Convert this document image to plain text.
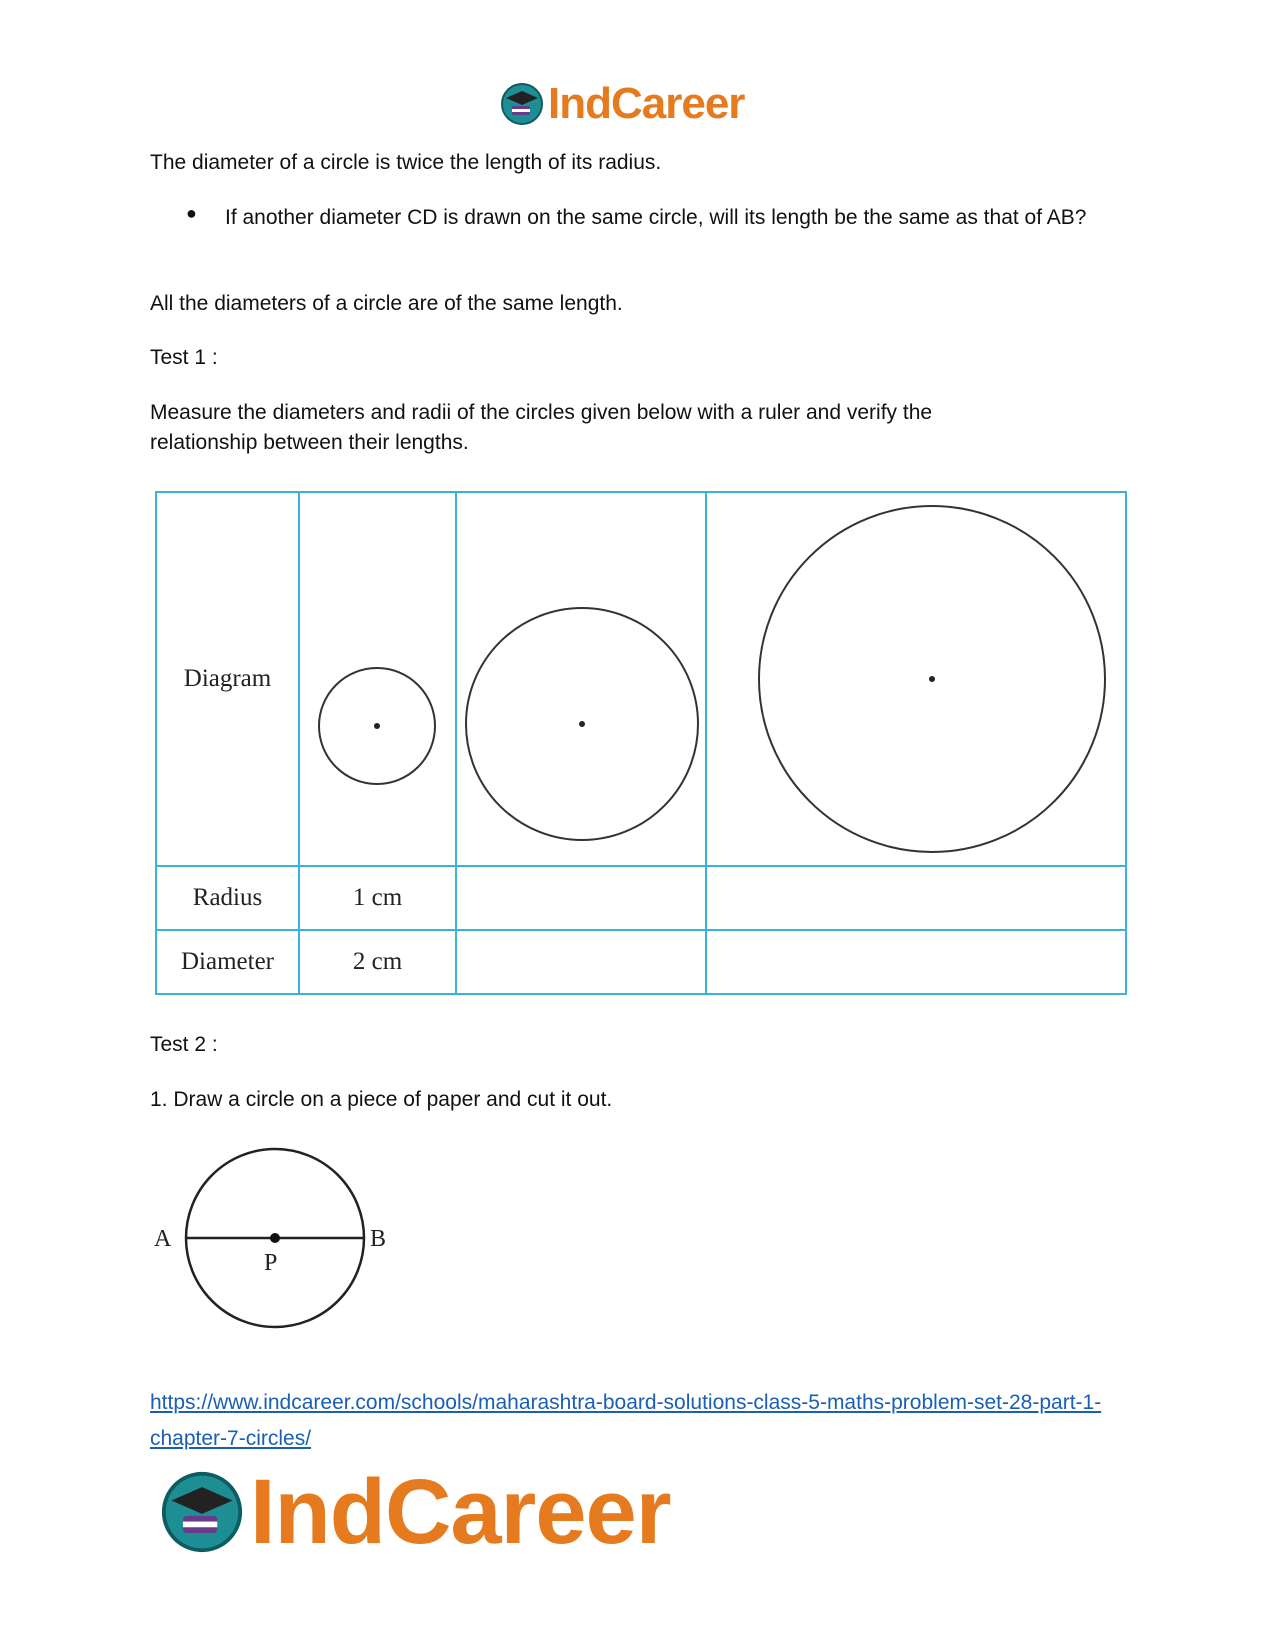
IndCareer
The diameter of a circle is twice the length of its radius.
● If another diameter CD is drawn on the same circle, will its length be the same as that of AB?
All the diameters of a circle are of the same length.
Test 1 :
Measure the diameters and radii of the circles given below with a ruler and verify the relationship between their lengths.
Diagram	

Radius	1 cm		
Diameter	2 cm		
Test 2 :
1. Draw a circle on a piece of paper and cut it out.
A	B
P
https://www.indcareer.com/schools/maharashtra-board-solutions-class-5-maths-problem-set-28-part-1-chapter-7-circles/
IndCareer
